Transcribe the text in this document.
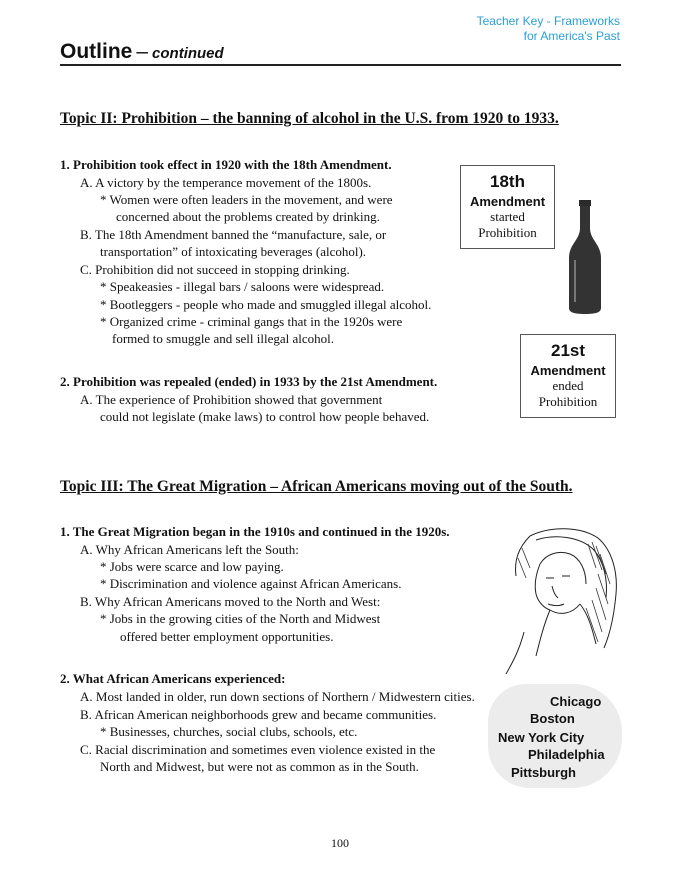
Teacher Key - Frameworks
for America's Past
Outline – continued
Topic II: Prohibition – the banning of alcohol in the U.S. from 1920 to 1933.
1. Prohibition took effect in 1920 with the 18th Amendment.
A. A victory by the temperance movement of the 1800s.
* Women were often leaders in the movement, and were
concerned about the problems created by drinking.
B. The 18th Amendment banned the “manufacture, sale, or
transportation” of intoxicating beverages (alcohol).
C. Prohibition did not succeed in stopping drinking.
* Speakeasies - illegal bars / saloons were widespread.
* Bootleggers - people who made and smuggled illegal alcohol.
* Organized crime - criminal gangs that in the 1920s were
formed to smuggle and sell illegal alcohol.
2. Prohibition was repealed (ended) in 1933 by the 21st Amendment.
A. The experience of Prohibition showed that government
could not legislate (make laws) to control how people behaved.
18th
Amendment
started
Prohibition
21st
Amendment
ended
Prohibition
Topic III: The Great Migration – African Americans moving out of the South.
1. The Great Migration began in the 1910s and continued in the 1920s.
A. Why African Americans left the South:
* Jobs were scarce and low paying.
* Discrimination and violence against African Americans.
B. Why African Americans moved to the North and West:
* Jobs in the growing cities of the North and Midwest
offered better employment opportunities.
2. What African Americans experienced:
A. Most landed in older, run down sections of Northern / Midwestern cities.
B. African American neighborhoods grew and became communities.
* Businesses, churches, social clubs, schools, etc.
C. Racial discrimination and sometimes even violence existed in the
North and Midwest, but were not as common as in the South.
Chicago
Boston
New York City
Philadelphia
Pittsburgh
100
